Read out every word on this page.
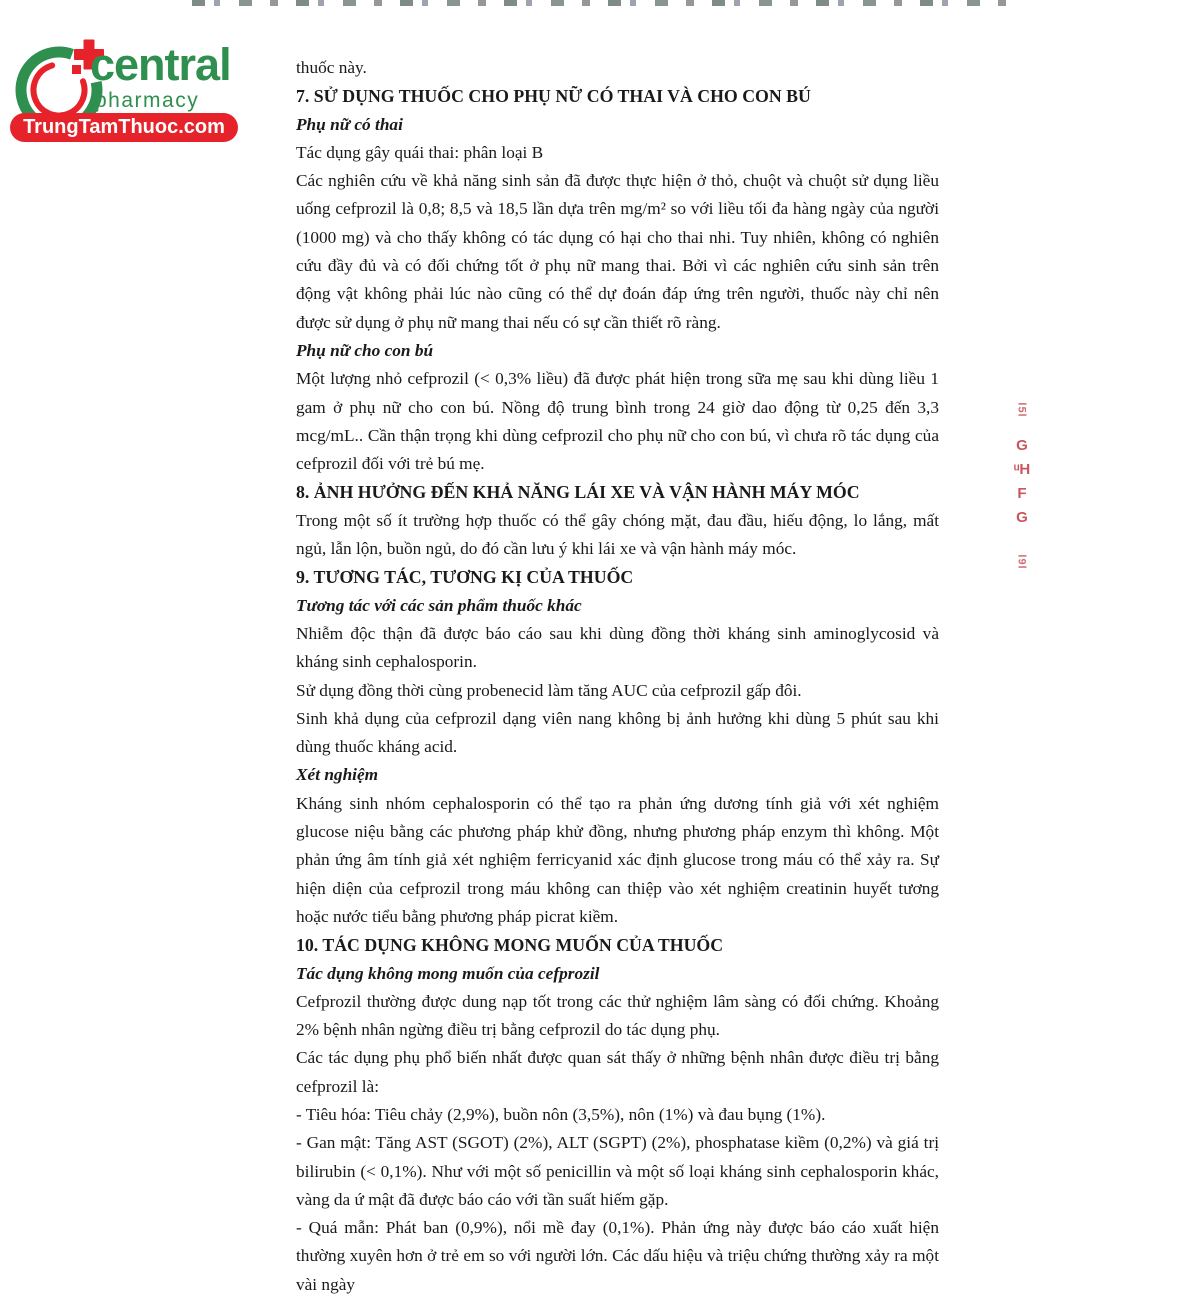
central
pharmacy
TrungTamThuoc.com

thuốc này.

7. SỬ DỤNG THUỐC CHO PHỤ NỮ CÓ THAI VÀ CHO CON BÚ

Phụ nữ có thai

Tác dụng gây quái thai: phân loại B

Các nghiên cứu về khả năng sinh sản đã được thực hiện ở thỏ, chuột và chuột sử dụng liều uống cefprozil là 0,8; 8,5 và 18,5 lần dựa trên mg/m² so với liều tối đa hàng ngày của người (1000 mg) và cho thấy không có tác dụng có hại cho thai nhi. Tuy nhiên, không có nghiên cứu đầy đủ và có đối chứng tốt ở phụ nữ mang thai. Bởi vì các nghiên cứu sinh sản trên động vật không phải lúc nào cũng có thể dự đoán đáp ứng trên người, thuốc này chỉ nên được sử dụng ở phụ nữ mang thai nếu có sự cần thiết rõ ràng.

Phụ nữ cho con bú

Một lượng nhỏ cefprozil (< 0,3% liều) đã được phát hiện trong sữa mẹ sau khi dùng liều 1 gam ở phụ nữ cho con bú. Nồng độ trung bình trong 24 giờ dao động từ 0,25 đến 3,3 mcg/mL.. Cần thận trọng khi dùng cefprozil cho phụ nữ cho con bú, vì chưa rõ tác dụng của cefprozil đối với trẻ bú mẹ.

8. ẢNH HƯỞNG ĐẾN KHẢ NĂNG LÁI XE VÀ VẬN HÀNH MÁY MÓC

Trong một số ít trường hợp thuốc có thể gây chóng mặt, đau đầu, hiếu động, lo lắng, mất ngủ, lẫn lộn, buồn ngủ, do đó cần lưu ý khi lái xe và vận hành máy móc.

9. TƯƠNG TÁC, TƯƠNG KỊ CỦA THUỐC

Tương tác với các sản phẩm thuốc khác

Nhiễm độc thận đã được báo cáo sau khi dùng đồng thời kháng sinh aminoglycosid và kháng sinh cephalosporin.

Sử dụng đồng thời cùng probenecid làm tăng AUC của cefprozil gấp đôi.

Sinh khả dụng của cefprozil dạng viên nang không bị ảnh hưởng khi dùng 5 phút sau khi dùng thuốc kháng acid.

Xét nghiệm

Kháng sinh nhóm cephalosporin có thể tạo ra phản ứng dương tính giả với xét nghiệm glucose niệu bằng các phương pháp khử đồng, nhưng phương pháp enzym thì không. Một phản ứng âm tính giả xét nghiệm ferricyanid xác định glucose trong máu có thể xảy ra. Sự hiện diện của cefprozil trong máu không can thiệp vào xét nghiệm creatinin huyết tương hoặc nước tiểu bằng phương pháp picrat kiềm.

10. TÁC DỤNG KHÔNG MONG MUỐN CỦA THUỐC

Tác dụng không mong muốn của cefprozil

Cefprozil thường được dung nạp tốt trong các thử nghiệm lâm sàng có đối chứng. Khoảng 2% bệnh nhân ngừng điều trị bằng cefprozil do tác dụng phụ.

Các tác dụng phụ phổ biến nhất được quan sát thấy ở những bệnh nhân được điều trị bằng cefprozil là:

- Tiêu hóa: Tiêu chảy (2,9%), buồn nôn (3,5%), nôn (1%) và đau bụng (1%).

- Gan mật: Tăng AST (SGOT) (2%), ALT (SGPT) (2%), phosphatase kiềm (0,2%) và giá trị bilirubin (< 0,1%). Như với một số penicillin và một số loại kháng sinh cephalosporin khác, vàng da ứ mật đã được báo cáo với tần suất hiếm gặp.

- Quá mẫn: Phát ban (0,9%), nổi mề đay (0,1%). Phản ứng này được báo cáo xuất hiện thường xuyên hơn ở trẻ em so với người lớn. Các dấu hiệu và triệu chứng thường xảy ra một vài ngày

l5l
G
ᵘH
F
G
l9l
